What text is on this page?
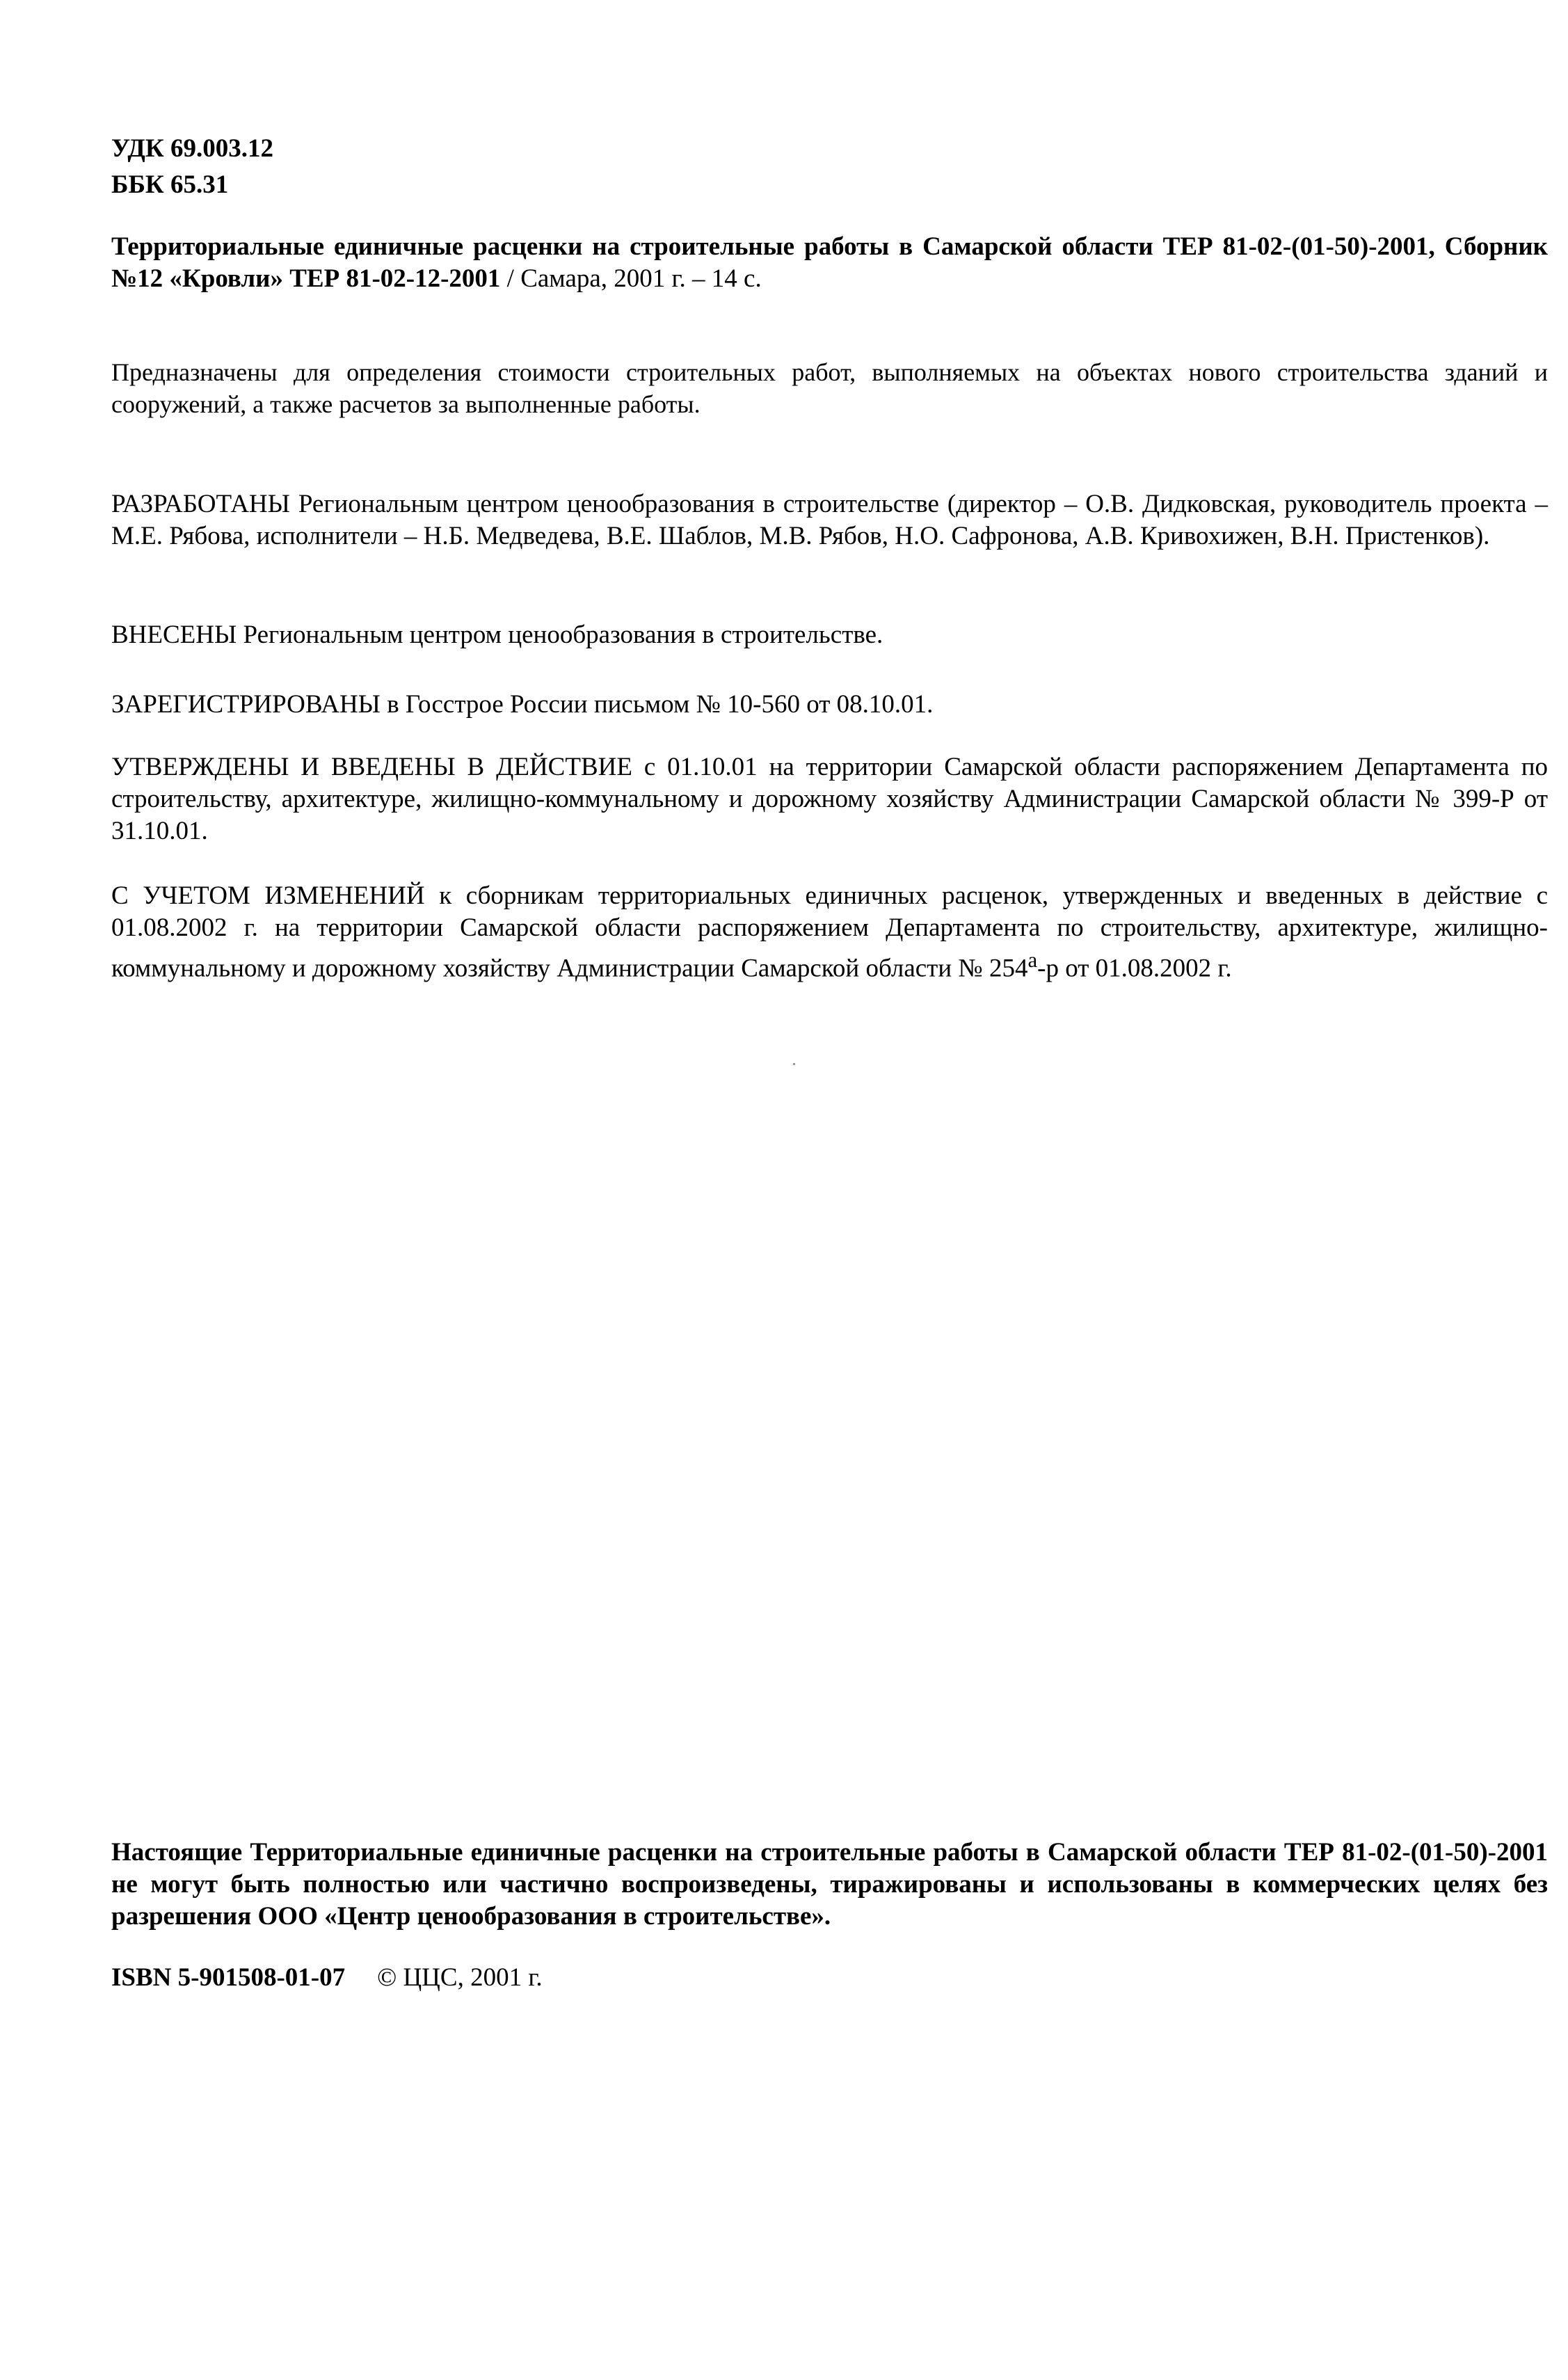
УДК 69.003.12
ББК 65.31

Территориальные единичные расценки на строительные работы в Самарской области ТЕР 81-02-(01-50)-2001, Сборник №12 «Кровли» ТЕР 81-02-12-2001 / Самара, 2001 г. – 14 с.

Предназначены для определения стоимости строительных работ, выполняемых на объектах нового строительства зданий и сооружений, а также расчетов за выполненные работы.

РАЗРАБОТАНЫ Региональным центром ценообразования в строительстве (директор – О.В. Дидковская, руководитель проекта – М.Е. Рябова, исполнители – Н.Б. Медведева, В.Е. Шаблов, М.В. Рябов, Н.О. Сафронова, А.В. Кривохижен, В.Н. Пристенков).

ВНЕСЕНЫ Региональным центром ценообразования в строительстве.

ЗАРЕГИСТРИРОВАНЫ в Госстрое России письмом № 10-560 от 08.10.01.

УТВЕРЖДЕНЫ И ВВЕДЕНЫ В ДЕЙСТВИЕ с 01.10.01 на территории Самарской области распоряжением Департамента по строительству, архитектуре, жилищно-коммунальному и дорожному хозяйству Администрации Самарской области № 399-Р от 31.10.01.

С УЧЕТОМ ИЗМЕНЕНИЙ к сборникам территориальных единичных расценок, утвержденных и введенных в действие с 01.08.2002 г. на территории Самарской области распоряжением Департамента по строительству, архитектуре, жилищно-коммунальному и дорожному хозяйству Администрации Самарской области № $254^а-р$ от 01.08.2002 г.

Настоящие Территориальные единичные расценки на строительные работы в Самарской области ТЕР 81-02-(01-50)-2001 не могут быть полностью или частично воспроизведены, тиражированы и использованы в коммерческих целях без разрешения ООО «Центр ценообразования в строительстве».

ISBN 5-901508-01-07 © ЦЦС, 2001 г.
